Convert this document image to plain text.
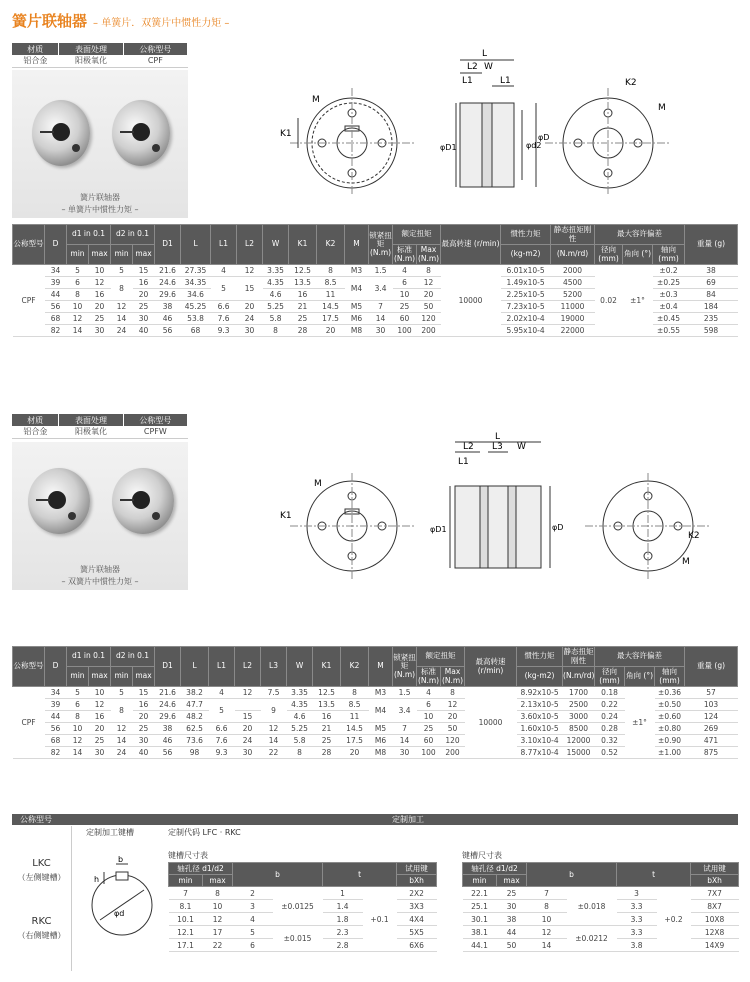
簧片联轴器 – 单簧片．双簧片中惯性力矩 –
材质	表面处理	公称型号
铝合金	阳极氧化	CPF
簧片联轴器
– 单簧片中惯性力矩 –
M
K1
L
L2 W
L1	L1
φD1	φd2
φD
K2
M
公称型号	D	d1 in 0.1		d2 in 0.1		D1	L	L1	L2	W	K1	K2	M	锁紧扭矩 (N.m)	额定扭矩		最高转速 (r/min)	惯性力矩	静态扭矩刚性	最大容许偏差			重量 (g)
		min	max	min	max										标准 (N.m)	Max (N.m)		(kg-m2)	(N.m/rd)	径向 (mm)	角向 (°)	轴向 (mm)	
CPF	34	5	10	5	15	21.6	27.35	4	12	3.35	12.5	8	M3	1.5	4	8	10000	6.01x10-5	2000	0.02	±1°	±0.2	38
	39	6	12	8	16	24.6	34.35	5	15	4.35	13.5	8.5	M4	3.4	6	12		1.49x10-5	4500			±0.25	69
	44	8	16		20	29.6	34.6			4.6	16	11			10	20		2.25x10-5	5200			±0.3	84
	56	10	20	12	25	38	45.25	6.6	20	5.25	21	14.5	M5	7	25	50		7.23x10-5	11000			±0.4	184
	68	12	25	14	30	46	53.8	7.6	24	5.8	25	17.5	M6	14	60	120		2.02x10-4	19000			±0.45	235
	82	14	30	24	40	56	68	9.3	30	8	28	20	M8	30	100	200		5.95x10-4	22000			±0.55	598
材质	表面处理	公称型号
铝合金	阳极氧化	CPFW
簧片联轴器
– 双簧片中惯性力矩 –
M
K1
L
L2 L3 W
L1
φD1	φD
K2
M
公称型号	D	d1 in 0.1		d2 in 0.1		D1	L	L1	L2	L3	W	K1	K2	M	锁紧扭矩 (N.m)	额定扭矩		最高转速 (r/min)	惯性力矩	静态扭矩刚性	最大容许偏差			重量 (g)
		min	max	min	max											标准 (N.m)	Max (N.m)		(kg-m2)	(N.m/rd)	径向 (mm)	角向 (°)	轴向 (mm)	
CPF	34	5	10	5	15	21.6	38.2	4	12	7.5	3.35	12.5	8	M3	1.5	4	8	10000	8.92x10-5	1700	0.18	±1°	±0.36	57
	39	6	12	8	16	24.6	47.7	5		9	4.35	13.5	8.5	M4	3.4	6	12		2.13x10-5	2500	0.22		±0.50	103
	44	8	16		20	29.6	48.2		15		4.6	16	11			10	20		3.60x10-5	3000	0.24		±0.60	124
	56	10	20	12	25	38	62.5	6.6	20	12	5.25	21	14.5	M5	7	25	50		1.60x10-5	8500	0.28		±0.80	269
	68	12	25	14	30	46	73.6	7.6	24	14	5.8	25	17.5	M6	14	60	120		3.10x10-4	12000	0.32		±0.90	471
	82	14	30	24	40	56	98	9.3	30	22	8	28	20	M8	30	100	200		8.77x10-4	15000	0.52		±1.00	875
公称型号	定制加工
LKC
（左侧键槽）
RKC
（右侧键槽）
定制加工键槽	定制代码 LFC · RKC
b
h
φd
键槽尺寸表	键槽尺寸表
轴孔径 d1/d2		b		t		试用键
min	max					bXh
7	8	2	±0.0125	1	+0.1	2X2
8.1	10	3		1.4		3X3
10.1	12	4		1.8		4X4
12.1	17	5	±0.015	2.3		5X5
17.1	22	6		2.8		6X6
轴孔径 d1/d2		b		t		试用键
min	max					bXh
22.1	25	7	±0.018	3	+0.2	7X7
25.1	30	8		3.3		8X7
30.1	38	10		3.3		10X8
38.1	44	12	±0.0212	3.3		12X8
44.1	50	14		3.8		14X9
